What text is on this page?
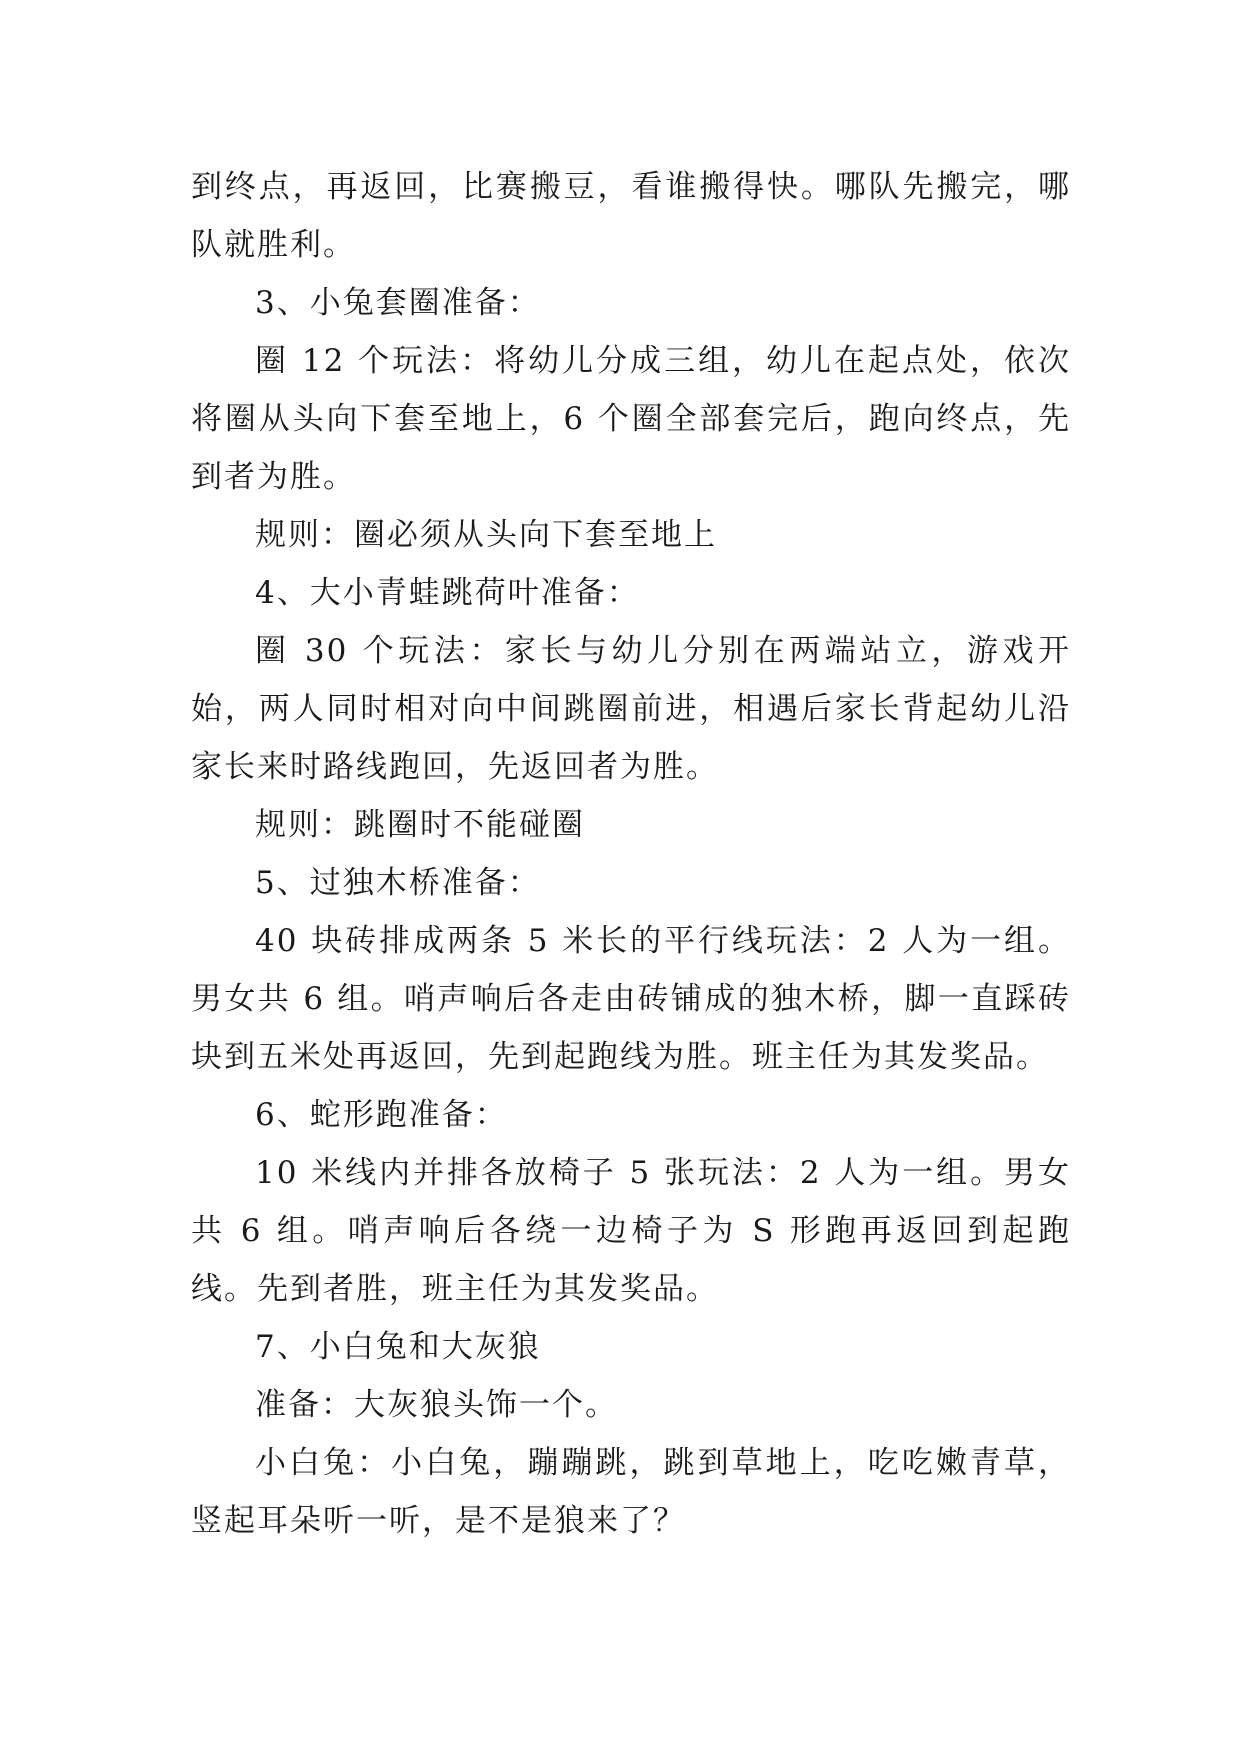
到终点，再返回，比赛搬豆，看谁搬得快。哪队先搬完，哪队就胜利。

3、小兔套圈准备：

圈 12 个玩法：将幼儿分成三组，幼儿在起点处，依次将圈从头向下套至地上，6 个圈全部套完后，跑向终点，先到者为胜。

规则：圈必须从头向下套至地上

4、大小青蛙跳荷叶准备：

圈 30 个玩法：家长与幼儿分别在两端站立，游戏开始，两人同时相对向中间跳圈前进，相遇后家长背起幼儿沿家长来时路线跑回，先返回者为胜。

规则：跳圈时不能碰圈

5、过独木桥准备：

40 块砖排成两条 5 米长的平行线玩法：2 人为一组。男女共 6 组。哨声响后各走由砖铺成的独木桥，脚一直踩砖块到五米处再返回，先到起跑线为胜。班主任为其发奖品。

6、蛇形跑准备：

10 米线内并排各放椅子 5 张玩法：2 人为一组。男女共 6 组。哨声响后各绕一边椅子为 S 形跑再返回到起跑线。先到者胜，班主任为其发奖品。

7、小白兔和大灰狼

准备：大灰狼头饰一个。

小白兔：小白兔，蹦蹦跳，跳到草地上，吃吃嫩青草，竖起耳朵听一听，是不是狼来了？
